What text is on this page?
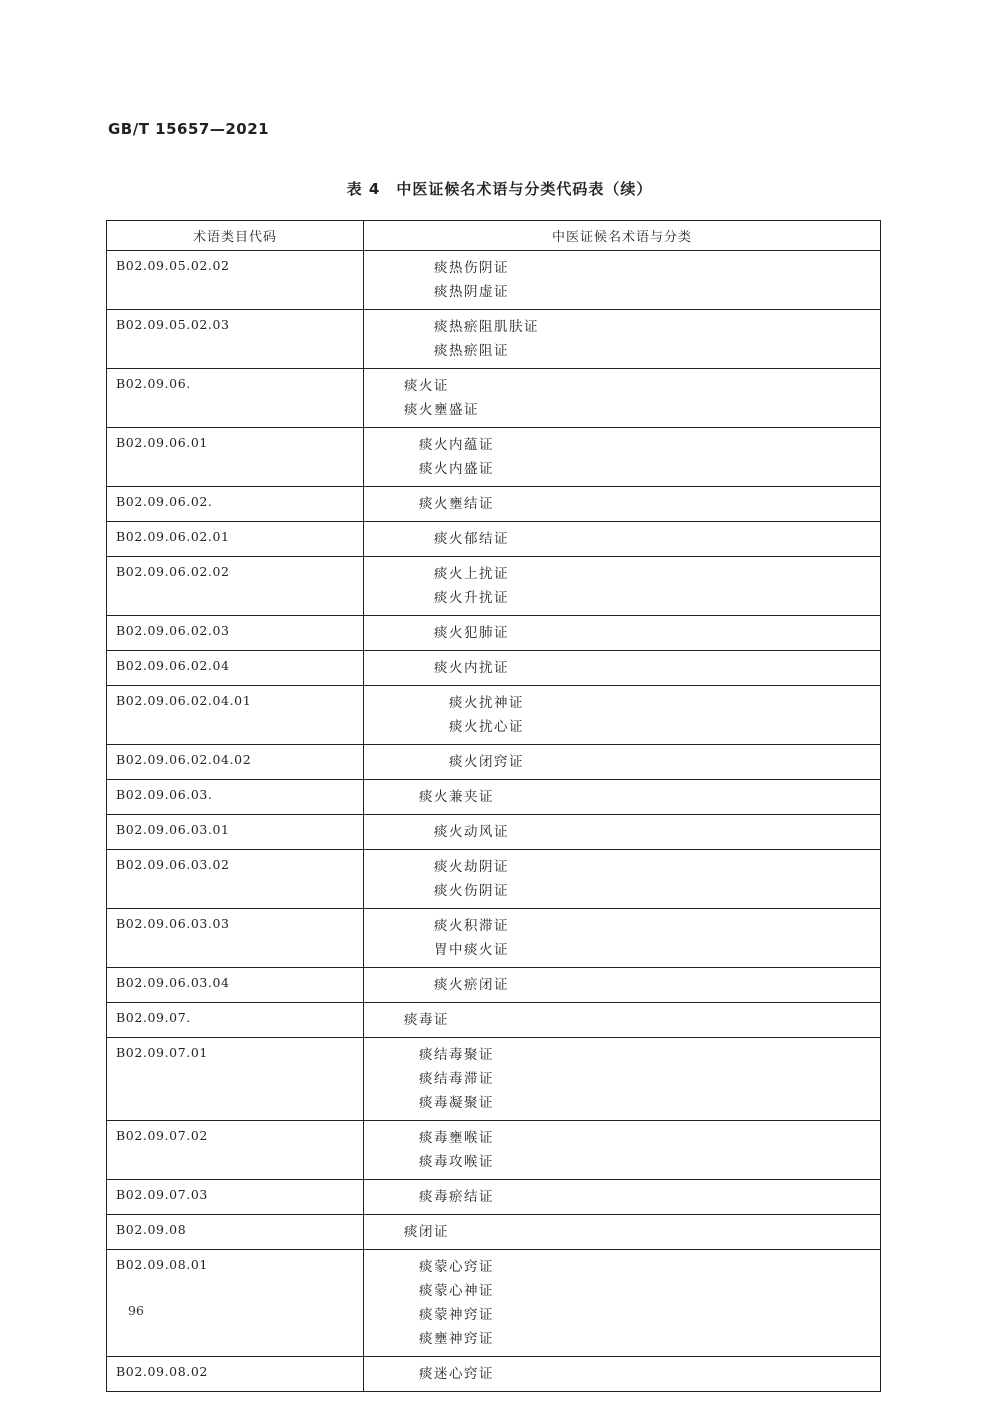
GB/T 15657—2021
表 4　中医证候名术语与分类代码表（续）
术语类目代码	中医证候名术语与分类
B02.09.05.02.02	痰热伤阴证
痰热阴虚证

B02.09.05.02.03	痰热瘀阻肌肤证
痰热瘀阻证

B02.09.06.	痰火证
痰火壅盛证

B02.09.06.01	痰火内蕴证
痰火内盛证

B02.09.06.02.	痰火壅结证

B02.09.06.02.01	痰火郁结证

B02.09.06.02.02	痰火上扰证
痰火升扰证

B02.09.06.02.03	痰火犯肺证

B02.09.06.02.04	痰火内扰证

B02.09.06.02.04.01	痰火扰神证
痰火扰心证

B02.09.06.02.04.02	痰火闭窍证

B02.09.06.03.	痰火兼夹证

B02.09.06.03.01	痰火动风证

B02.09.06.03.02	痰火劫阴证
痰火伤阴证

B02.09.06.03.03	痰火积滞证
胃中痰火证

B02.09.06.03.04	痰火瘀闭证

B02.09.07.	痰毒证

B02.09.07.01	痰结毒聚证
痰结毒滞证
痰毒凝聚证

B02.09.07.02	痰毒壅喉证
痰毒攻喉证

B02.09.07.03	痰毒瘀结证

B02.09.08	痰闭证

B02.09.08.01	痰蒙心窍证
痰蒙心神证
痰蒙神窍证
痰壅神窍证

B02.09.08.02	痰迷心窍证
96
